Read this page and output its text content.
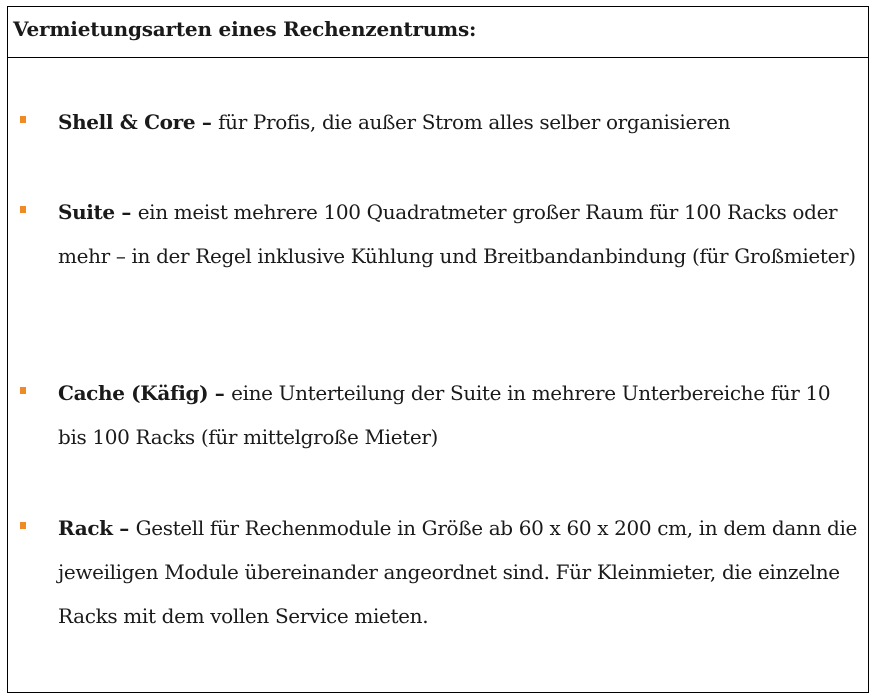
Vermietungsarten eines Rechenzentrums:

Shell & Core – für Profis, die außer Strom alles selber organisieren

Suite – ein meist mehrere 100 Quadratmeter großer Raum für 100 Racks oder mehr – in der Regel inklusive Kühlung und Breitbandanbindung (für Großmieter)

Cache (Käfig) – eine Unterteilung der Suite in mehrere Unterbereiche für 10 bis 100 Racks (für mittelgroße Mieter)

Rack – Gestell für Rechenmodule in Größe ab 60 x 60 x 200 cm, in dem dann die jeweiligen Module übereinander angeordnet sind. Für Kleinmieter, die einzelne Racks mit dem vollen Service mieten.
